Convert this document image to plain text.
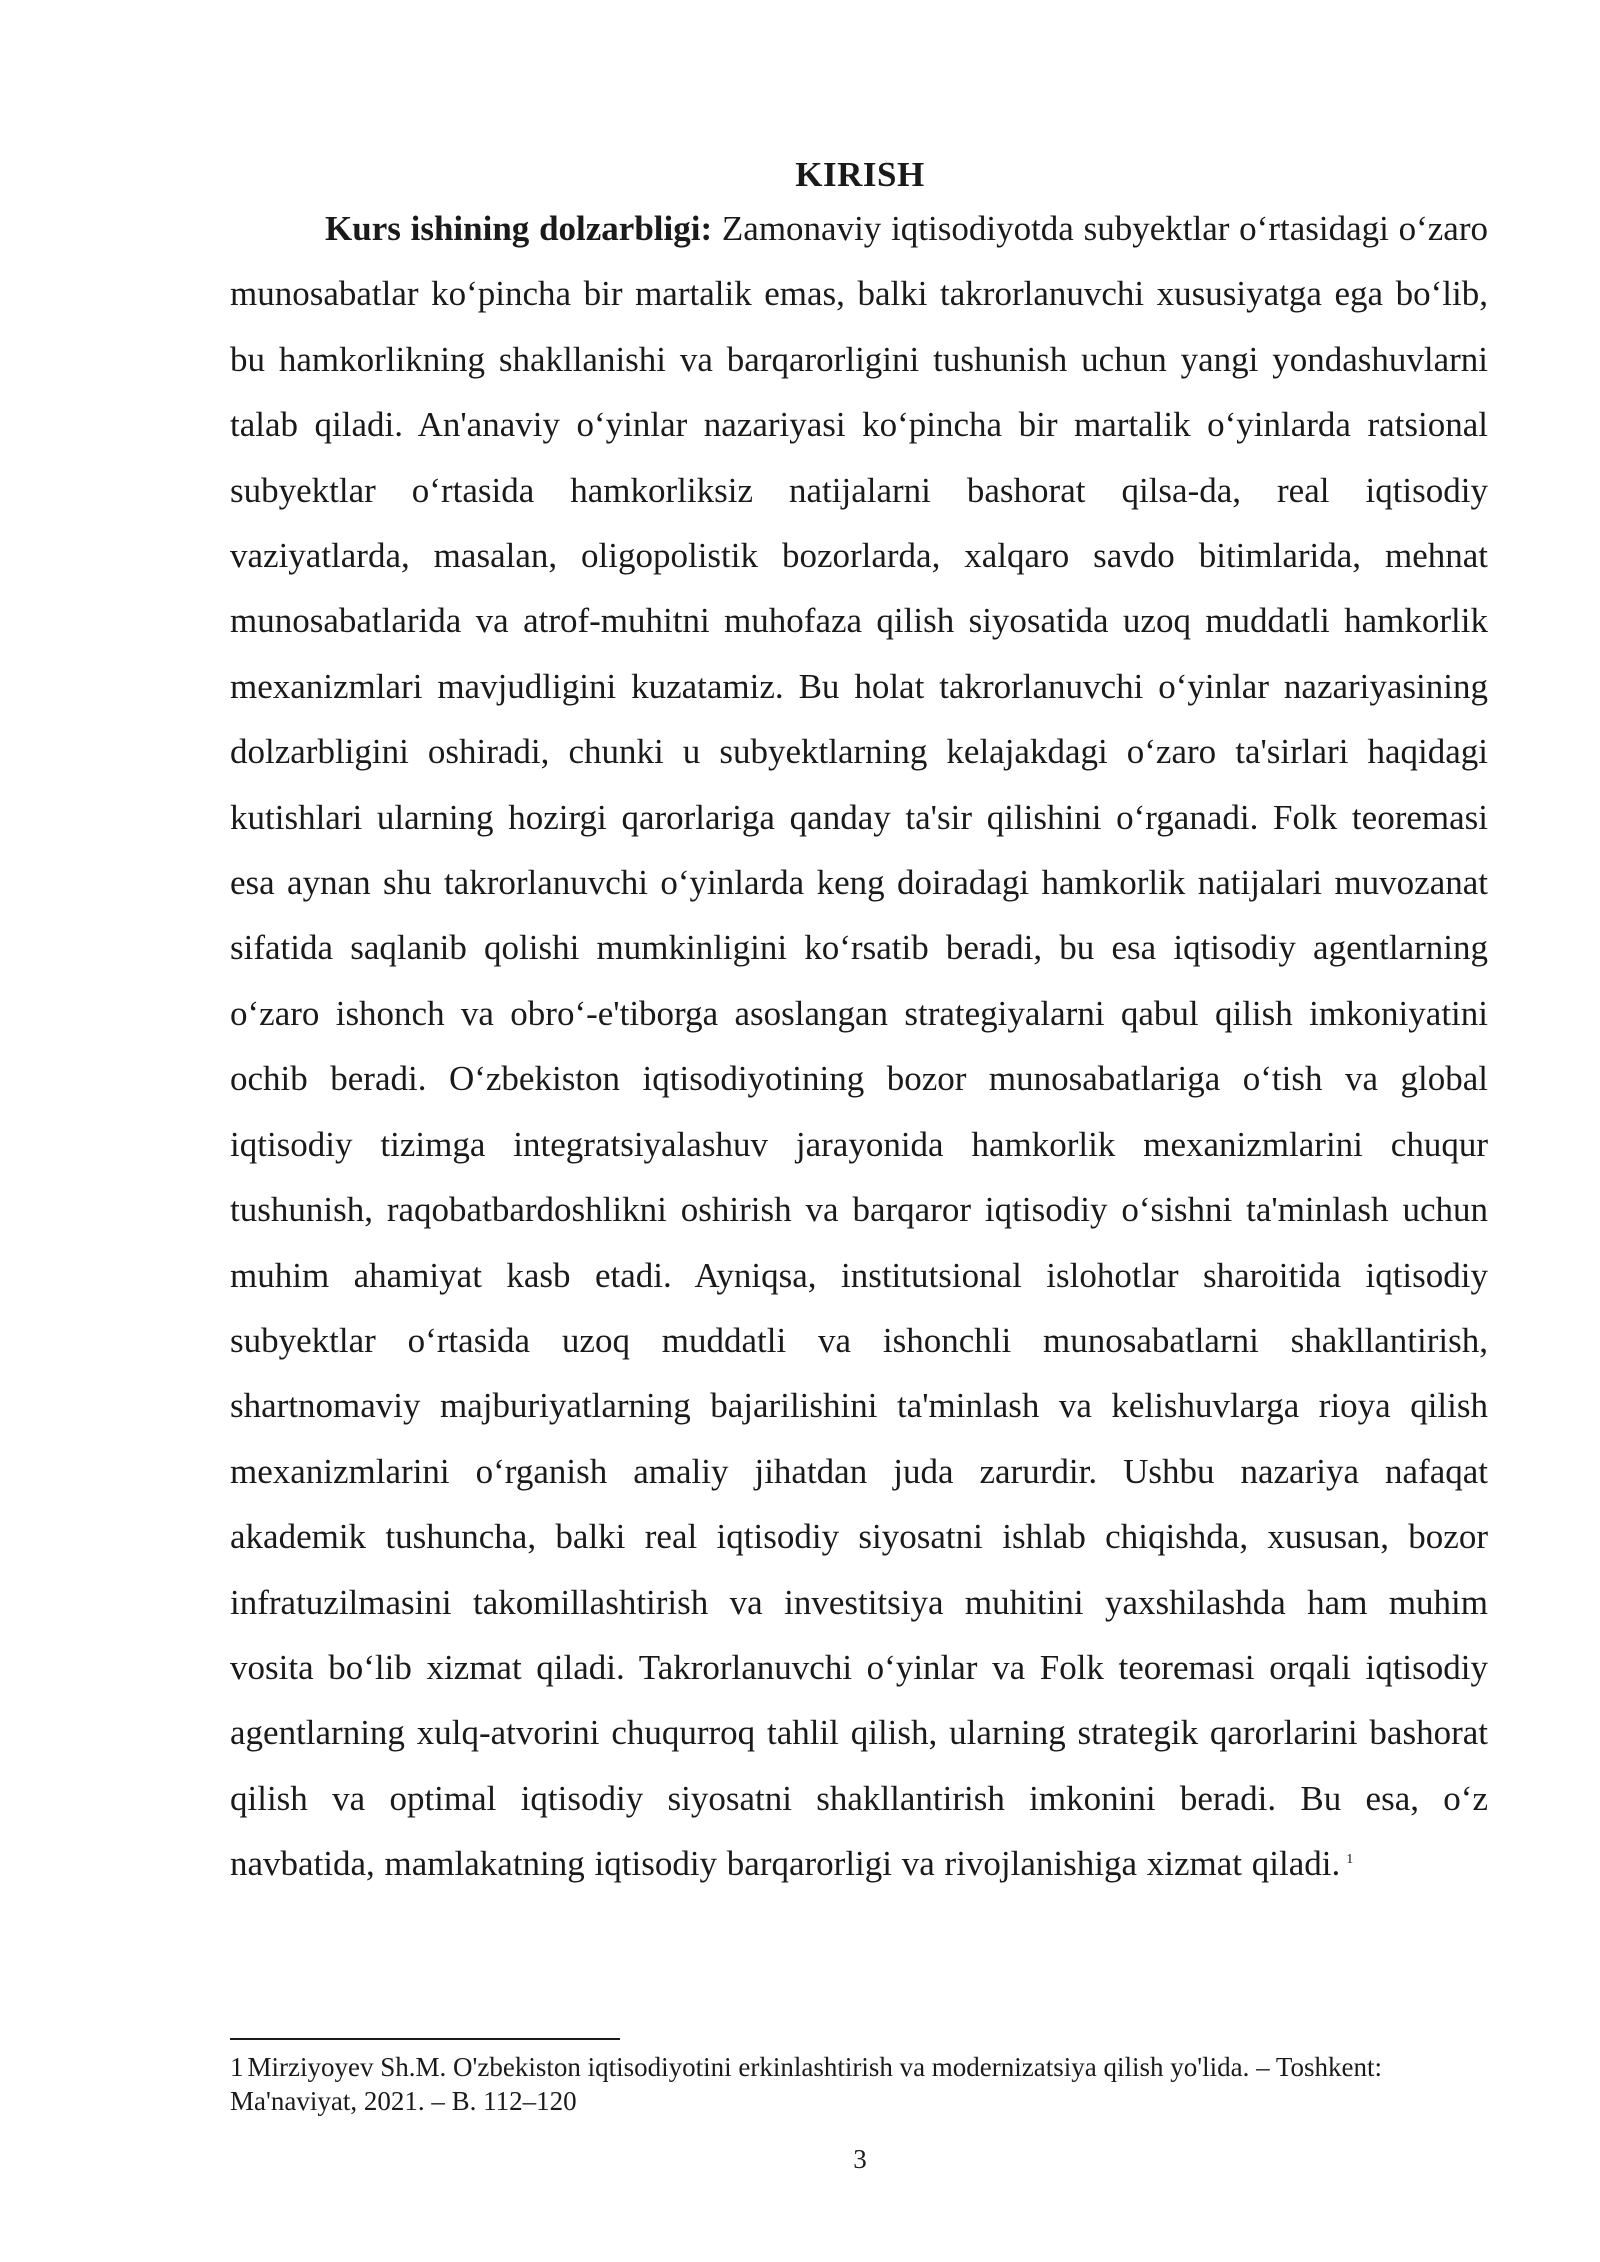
KIRISH

Kurs ishining dolzarbligi: Zamonaviy iqtisodiyotda subyektlar o‘rtasidagi o‘zaro munosabatlar ko‘pincha bir martalik emas, balki takrorlanuvchi xususiyatga ega bo‘lib, bu hamkorlikning shakllanishi va barqarorligini tushunish uchun yangi yondashuvlarni talab qiladi. An'anaviy o‘yinlar nazariyasi ko‘pincha bir martalik o‘yinlarda ratsional subyektlar o‘rtasida hamkorliksiz natijalarni bashorat qilsa-da, real iqtisodiy vaziyatlarda, masalan, oligopolistik bozorlarda, xalqaro savdo bitimlarida, mehnat munosabatlarida va atrof-muhitni muhofaza qilish siyosatida uzoq muddatli hamkorlik mexanizmlari mavjudligini kuzatamiz. Bu holat takrorlanuvchi o‘yinlar nazariyasining dolzarbligini oshiradi, chunki u subyektlarning kelajakdagi o‘zaro ta'sirlari haqidagi kutishlari ularning hozirgi qarorlariga qanday ta'sir qilishini o‘rganadi. Folk teoremasi esa aynan shu takrorlanuvchi o‘yinlarda keng doiradagi hamkorlik natijalari muvozanat sifatida saqlanib qolishi mumkinligini ko‘rsatib beradi, bu esa iqtisodiy agentlarning o‘zaro ishonch va obro‘-e'tiborga asoslangan strategiyalarni qabul qilish imkoniyatini ochib beradi. O‘zbekiston iqtisodiyotining bozor munosabatlariga o‘tish va global iqtisodiy tizimga integratsiyalashuv jarayonida hamkorlik mexanizmlarini chuqur tushunish, raqobatbardoshlikni oshirish va barqaror iqtisodiy o‘sishni ta'minlash uchun muhim ahamiyat kasb etadi. Ayniqsa, institutsional islohotlar sharoitida iqtisodiy subyektlar o‘rtasida uzoq muddatli va ishonchli munosabatlarni shakllantirish, shartnomaviy majburiyatlarning bajarilishini ta'minlash va kelishuvlarga rioya qilish mexanizmlarini o‘rganish amaliy jihatdan juda zarurdir. Ushbu nazariya nafaqat akademik tushuncha, balki real iqtisodiy siyosatni ishlab chiqishda, xususan, bozor infratuzilmasini takomillashtirish va investitsiya muhitini yaxshilashda ham muhim vosita bo‘lib xizmat qiladi. Takrorlanuvchi o‘yinlar va Folk teoremasi orqali iqtisodiy agentlarning xulq-atvorini chuqurroq tahlil qilish, ularning strategik qarorlarini bashorat qilish va optimal iqtisodiy siyosatni shakllantirish imkonini beradi. Bu esa, o‘z navbatida, mamlakatning iqtisodiy barqarorligi va rivojlanishiga xizmat qiladi. $^1$

1 Mirziyoyev Sh.M. O'zbekiston iqtisodiyotini erkinlashtirish va modernizatsiya qilish yo'lida. – Toshkent: Ma'naviyat, 2021. – B. 112–120

3
